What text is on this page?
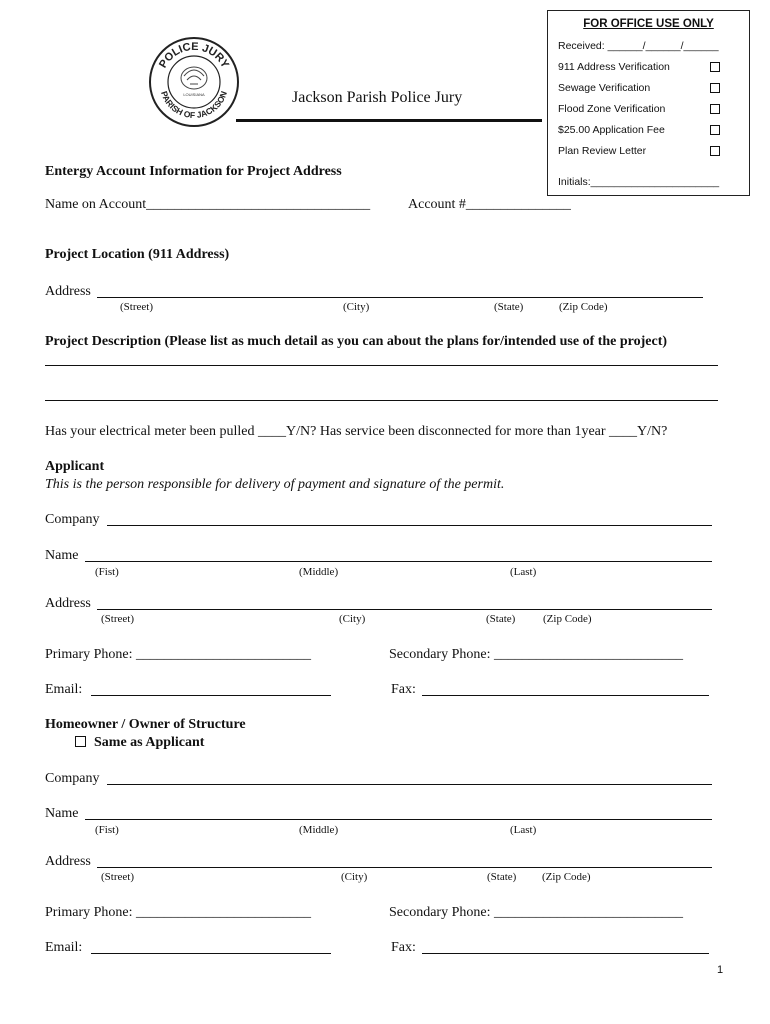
POLICE JURY
PARISH OF JACKSON
LOUISIANA	Jackson Parish Police Jury
FOR OFFICE USE ONLY
Received: ______/______/______
911 Address Verification
Sewage Verification
Flood Zone Verification
$25.00 Application Fee
Plan Review Letter
Initials:______________________
Entergy Account Information for Project Address
Name on Account________________________________	Account #_______________
Project Location (911 Address)
Address
(Street)	(City)	(State)	(Zip Code)
Project Description (Please list as much detail as you can about the plans for/intended use of the project)
Has your electrical meter been pulled ____Y/N? Has service been disconnected for more than 1year ____Y/N?
Applicant
This is the person responsible for delivery of payment and signature of the permit.
Company
Name
(Fist)	(Middle)	(Last)
Address
(Street)	(City)	(State)	(Zip Code)
Primary Phone: _________________________	Secondary Phone: ___________________________
Email:	Fax:
Homeowner / Owner of Structure
Same as Applicant
Company
Name
(Fist)	(Middle)	(Last)
Address
(Street)	(City)	(State) (Zip Code)
Primary Phone: _________________________	Secondary Phone: ___________________________
Email:	Fax:
1
